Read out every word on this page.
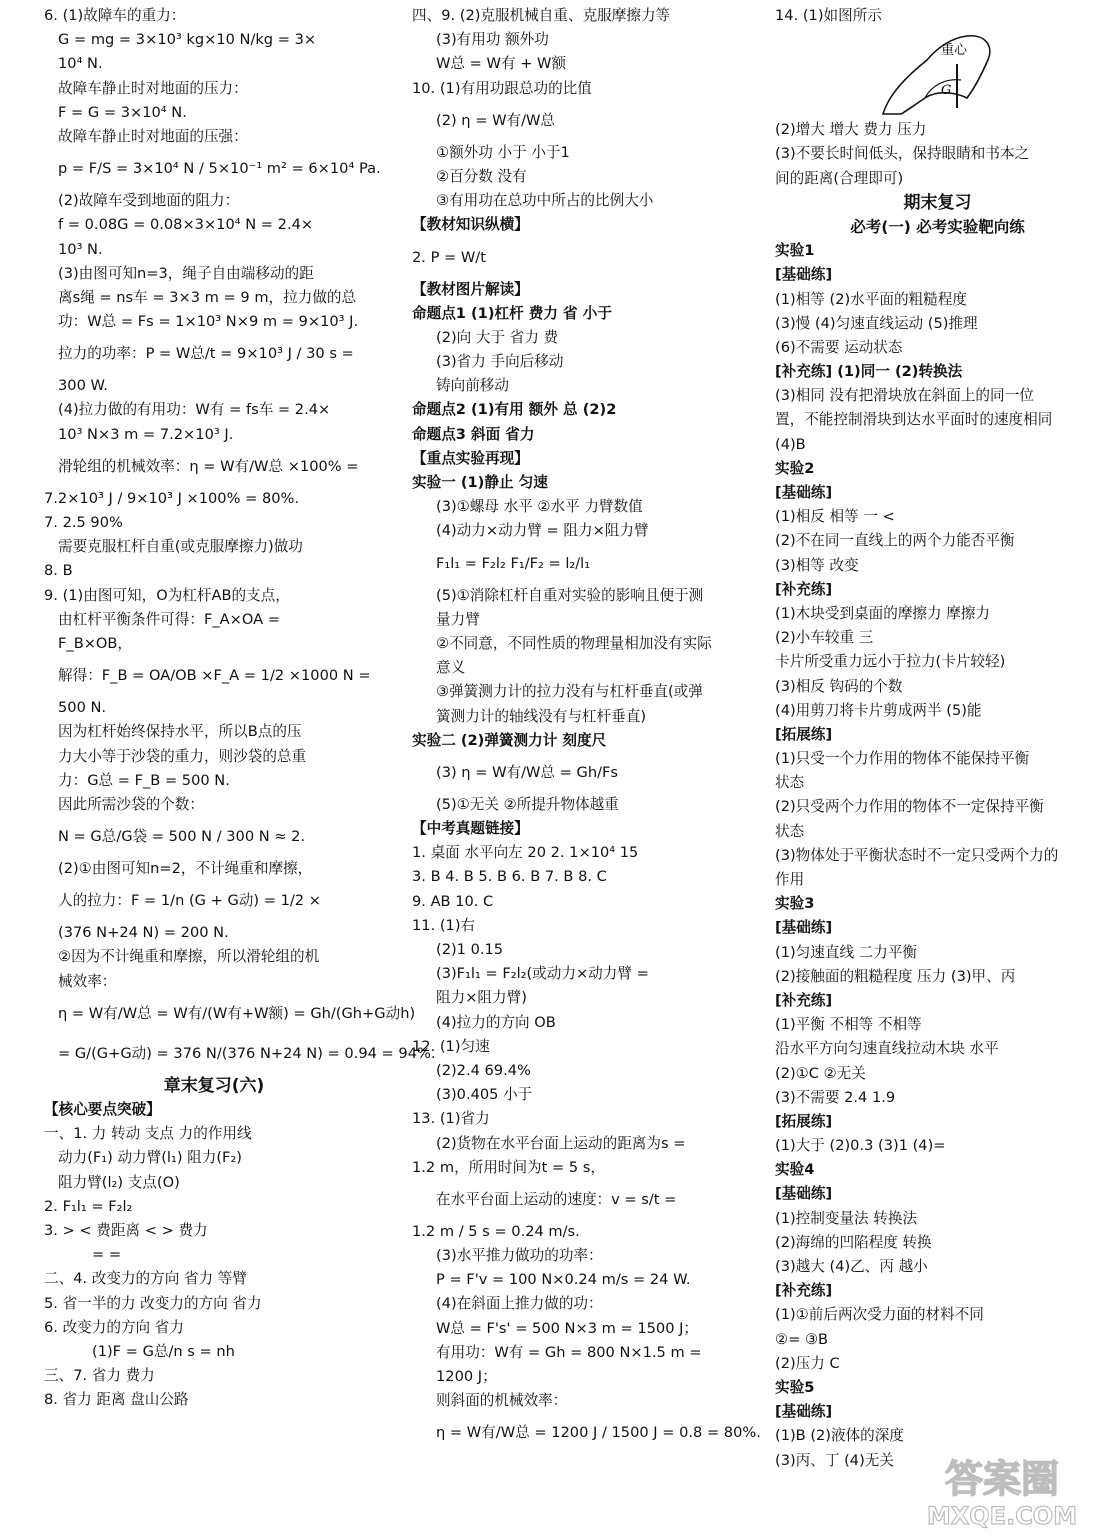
6. (1)故障车的重力：
G = mg = 3×10³ kg×10 N/kg = 3×
10⁴ N.
故障车静止时对地面的压力：
F = G = 3×10⁴ N.
故障车静止时对地面的压强：
p = F/S = 3×10⁴ N / 5×10⁻¹ m² = 6×10⁴ Pa.
(2)故障车受到地面的阻力：
f = 0.08G = 0.08×3×10⁴ N = 2.4×
10³ N.
(3)由图可知n=3，绳子自由端移动的距
离s绳 = ns车 = 3×3 m = 9 m，拉力做的总
功：W总 = Fs = 1×10³ N×9 m = 9×10³ J.
拉力的功率：P = W总/t = 9×10³ J / 30 s =
300 W.
(4)拉力做的有用功：W有 = fs车 = 2.4×
10³ N×3 m = 7.2×10³ J.
滑轮组的机械效率：η = W有/W总 ×100% =
7.2×10³ J / 9×10³ J ×100% = 80%.
7. 2.5 90%
需要克服杠杆自重(或克服摩擦力)做功
8. B
9. (1)由图可知，O为杠杆AB的支点，
由杠杆平衡条件可得：F_A×OA =
F_B×OB，
解得：F_B = OA/OB ×F_A = 1/2 ×1000 N =
500 N.
因为杠杆始终保持水平，所以B点的压
力大小等于沙袋的重力，则沙袋的总重
力：G总 = F_B = 500 N.
因此所需沙袋的个数：
N = G总/G袋 = 500 N / 300 N ≈ 2.
(2)①由图可知n=2，不计绳重和摩擦，
人的拉力：F = 1/n (G + G动) = 1/2 ×
(376 N+24 N) = 200 N.
②因为不计绳重和摩擦，所以滑轮组的机
械效率：
η = W有/W总 = W有/(W有+W额) = Gh/(Gh+G动h)
= G/(G+G动) = 376 N/(376 N+24 N) = 0.94 = 94%.
章末复习(六)
【核心要点突破】
一、1. 力 转动 支点 力的作用线
动力(F₁) 动力臂(l₁) 阻力(F₂)
阻力臂(l₂) 支点(O)
2. F₁l₁ = F₂l₂
3. > < 费距离 < > 费力
= =
二、4. 改变力的方向 省力 等臂
5. 省一半的力 改变力的方向 省力
6. 改变力的方向 省力
(1)F = G总/n s = nh
三、7. 省力 费力
8. 省力 距离 盘山公路
四、9. (2)克服机械自重、克服摩擦力等
(3)有用功 额外功
W总 = W有 + W额
10. (1)有用功跟总功的比值
(2) η = W有/W总
①额外功 小于 小于1
②百分数 没有
③有用功在总功中所占的比例大小
【教材知识纵横】
2. P = W/t
【教材图片解读】
命题点1 (1)杠杆 费力 省 小于
(2)向 大于 省力 费
(3)省力 手向后移动
铸向前移动
命题点2 (1)有用 额外 总 (2)2
命题点3 斜面 省力
【重点实验再现】
实验一 (1)静止 匀速
(3)①螺母 水平 ②水平 力臂数值
(4)动力×动力臂 = 阻力×阻力臂
F₁l₁ = F₂l₂ F₁/F₂ = l₂/l₁
(5)①消除杠杆自重对实验的影响且便于测
量力臂
②不同意，不同性质的物理量相加没有实际
意义
③弹簧测力计的拉力没有与杠杆垂直(或弹
簧测力计的轴线没有与杠杆垂直)
实验二 (2)弹簧测力计 刻度尺
(3) η = W有/W总 = Gh/Fs
(5)①无关 ②所提升物体越重
【中考真题链接】
1. 桌面 水平向左 20 2. 1×10⁴ 15
3. B 4. B 5. B 6. B 7. B 8. C
9. AB 10. C
11. (1)右
(2)1 0.15
(3)F₁l₁ = F₂l₂(或动力×动力臂 =
阻力×阻力臂)
(4)拉力的方向 OB
12. (1)匀速
(2)2.4 69.4%
(3)0.405 小于
13. (1)省力
(2)货物在水平台面上运动的距离为s =
1.2 m，所用时间为t = 5 s，
在水平台面上运动的速度：v = s/t =
1.2 m / 5 s = 0.24 m/s.
(3)水平推力做功的功率：
P = F'v = 100 N×0.24 m/s = 24 W.
(4)在斜面上推力做的功：
W总 = F's' = 500 N×3 m = 1500 J；
有用功：W有 = Gh = 800 N×1.5 m =
1200 J；
则斜面的机械效率：
η = W有/W总 = 1200 J / 1500 J = 0.8 = 80%.
14. (1)如图所示
重心
G
(2)增大 增大 费力 压力
(3)不要长时间低头，保持眼睛和书本之
间的距离(合理即可)
期末复习
必考(一) 必考实验靶向练
实验1
[基础练]
(1)相等 (2)水平面的粗糙程度
(3)慢 (4)匀速直线运动 (5)推理
(6)不需要 运动状态
[补充练] (1)同一 (2)转换法
(3)相同 没有把滑块放在斜面上的同一位
置，不能控制滑块到达水平面时的速度相同
(4)B
实验2
[基础练]
(1)相反 相等 一 <
(2)不在同一直线上的两个力能否平衡
(3)相等 改变
[补充练]
(1)木块受到桌面的摩擦力 摩擦力
(2)小车较重 三
卡片所受重力远小于拉力(卡片较轻)
(3)相反 钩码的个数
(4)用剪刀将卡片剪成两半 (5)能
[拓展练]
(1)只受一个力作用的物体不能保持平衡
状态
(2)只受两个力作用的物体不一定保持平衡
状态
(3)物体处于平衡状态时不一定只受两个力的
作用
实验3
[基础练]
(1)匀速直线 二力平衡
(2)接触面的粗糙程度 压力 (3)甲、丙
[补充练]
(1)平衡 不相等 不相等
沿水平方向匀速直线拉动木块 水平
(2)①C ②无关
(3)不需要 2.4 1.9
[拓展练]
(1)大于 (2)0.3 (3)1 (4)=
实验4
[基础练]
(1)控制变量法 转换法
(2)海绵的凹陷程度 转换
(3)越大 (4)乙、丙 越小
[补充练]
(1)①前后两次受力面的材料不同
②= ③B
(2)压力 C
实验5
[基础练]
(1)B (2)液体的深度
(3)丙、丁 (4)无关	答案圈
MXQE.COM
